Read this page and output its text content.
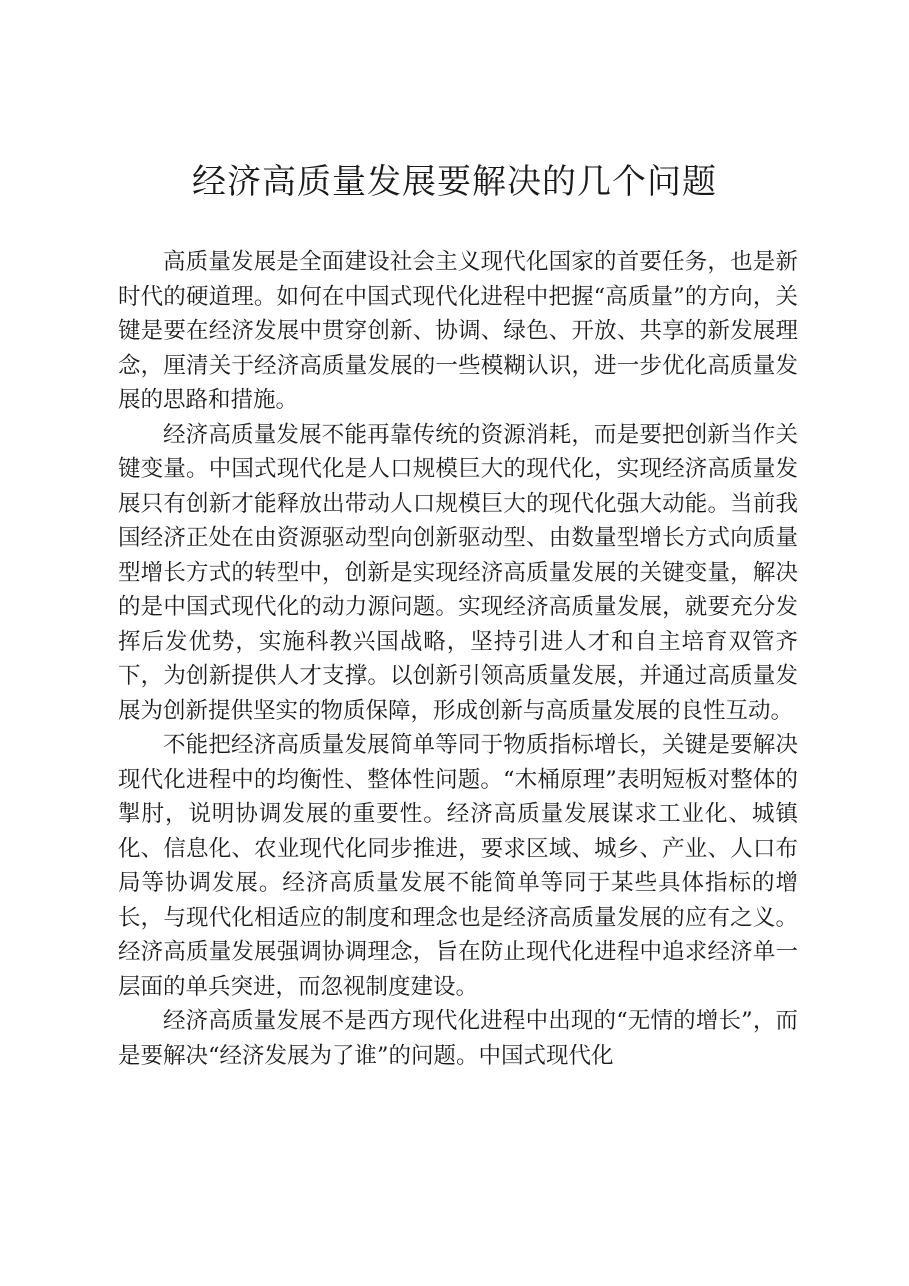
经济高质量发展要解决的几个问题

高质量发展是全面建设社会主义现代化国家的首要任务，也是新时代的硬道理。如何在中国式现代化进程中把握“高质量”的方向，关键是要在经济发展中贯穿创新、协调、绿色、开放、共享的新发展理念，厘清关于经济高质量发展的一些模糊认识，进一步优化高质量发展的思路和措施。

经济高质量发展不能再靠传统的资源消耗，而是要把创新当作关键变量。中国式现代化是人口规模巨大的现代化，实现经济高质量发展只有创新才能释放出带动人口规模巨大的现代化强大动能。当前我国经济正处在由资源驱动型向创新驱动型、由数量型增长方式向质量型增长方式的转型中，创新是实现经济高质量发展的关键变量，解决的是中国式现代化的动力源问题。实现经济高质量发展，就要充分发挥后发优势，实施科教兴国战略，坚持引进人才和自主培育双管齐下，为创新提供人才支撑。以创新引领高质量发展，并通过高质量发展为创新提供坚实的物质保障，形成创新与高质量发展的良性互动。

不能把经济高质量发展简单等同于物质指标增长，关键是要解决现代化进程中的均衡性、整体性问题。“木桶原理”表明短板对整体的掣肘，说明协调发展的重要性。经济高质量发展谋求工业化、城镇化、信息化、农业现代化同步推进，要求区域、城乡、产业、人口布局等协调发展。经济高质量发展不能简单等同于某些具体指标的增长，与现代化相适应的制度和理念也是经济高质量发展的应有之义。经济高质量发展强调协调理念，旨在防止现代化进程中追求经济单一层面的单兵突进，而忽视制度建设。

经济高质量发展不是西方现代化进程中出现的“无情的增长”，而是要解决“经济发展为了谁”的问题。中国式现代化
